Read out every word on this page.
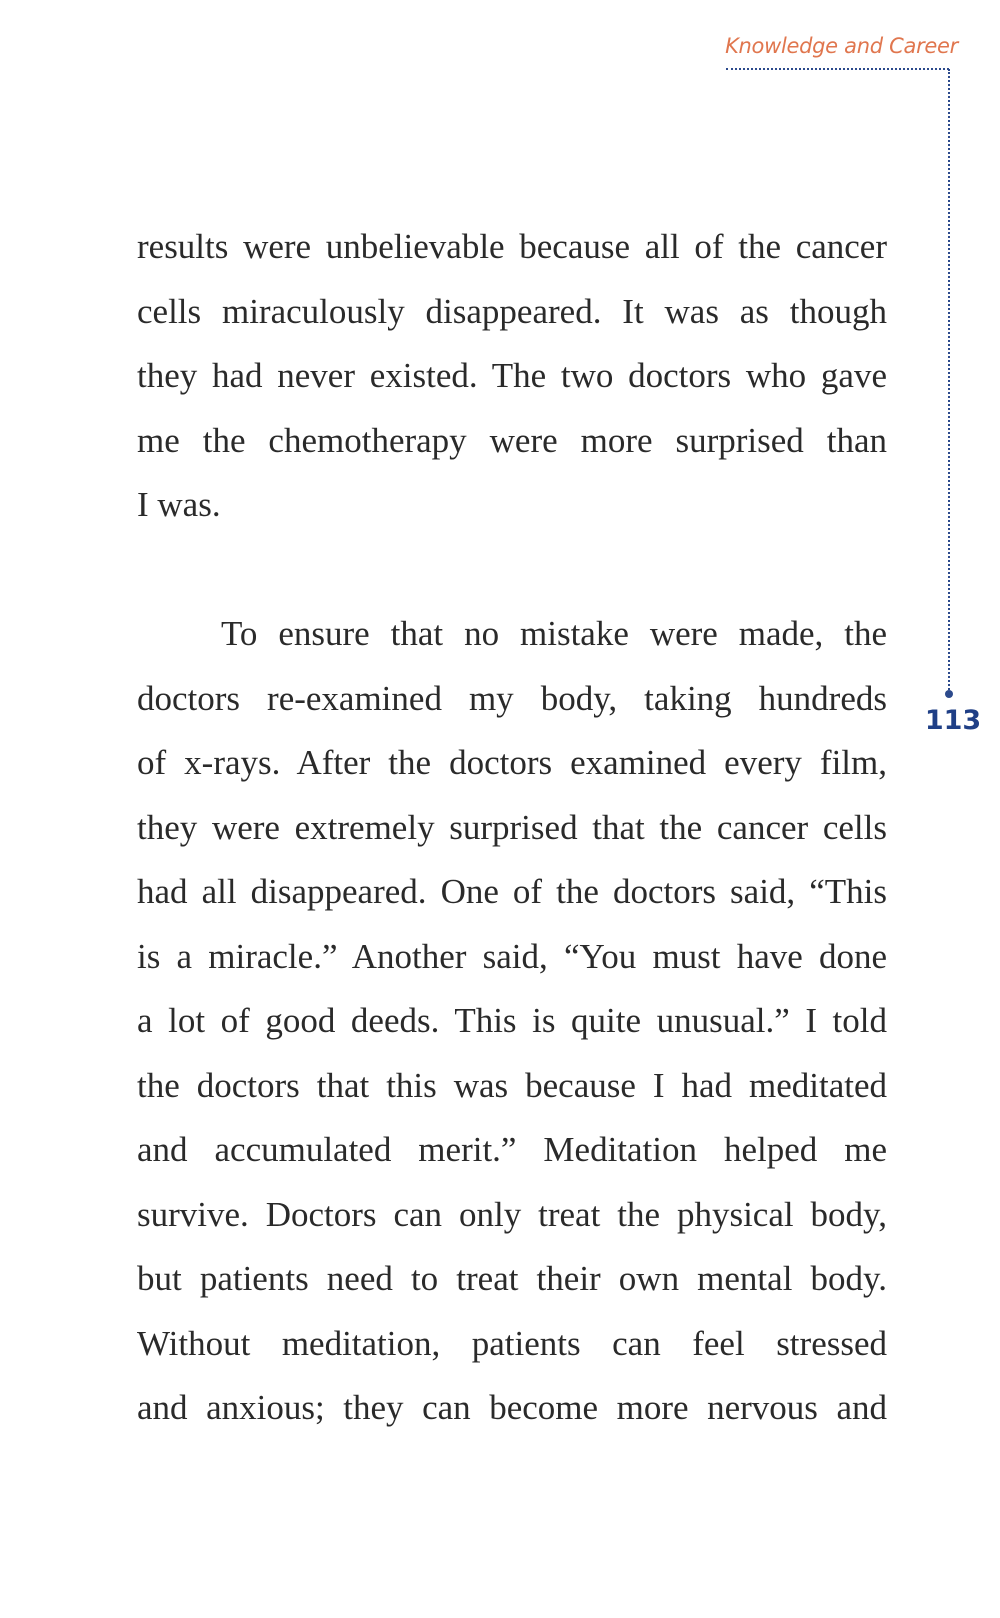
Knowledge and Career
113
results were unbelievable because all of the cancer
cells miraculously disappeared. It was as though
they had never existed. The two doctors who gave
me the chemotherapy were more surprised than
I was.
To ensure that no mistake were made, the
doctors re-examined my body, taking hundreds
of x-rays. After the doctors examined every film,
they were extremely surprised that the cancer cells
had all disappeared. One of the doctors said, “This
is a miracle.” Another said, “You must have done
a lot of good deeds. This is quite unusual.” I told
the doctors that this was because I had meditated
and accumulated merit.” Meditation helped me
survive. Doctors can only treat the physical body,
but patients need to treat their own mental body.
Without meditation, patients can feel stressed
and anxious; they can become more nervous and
